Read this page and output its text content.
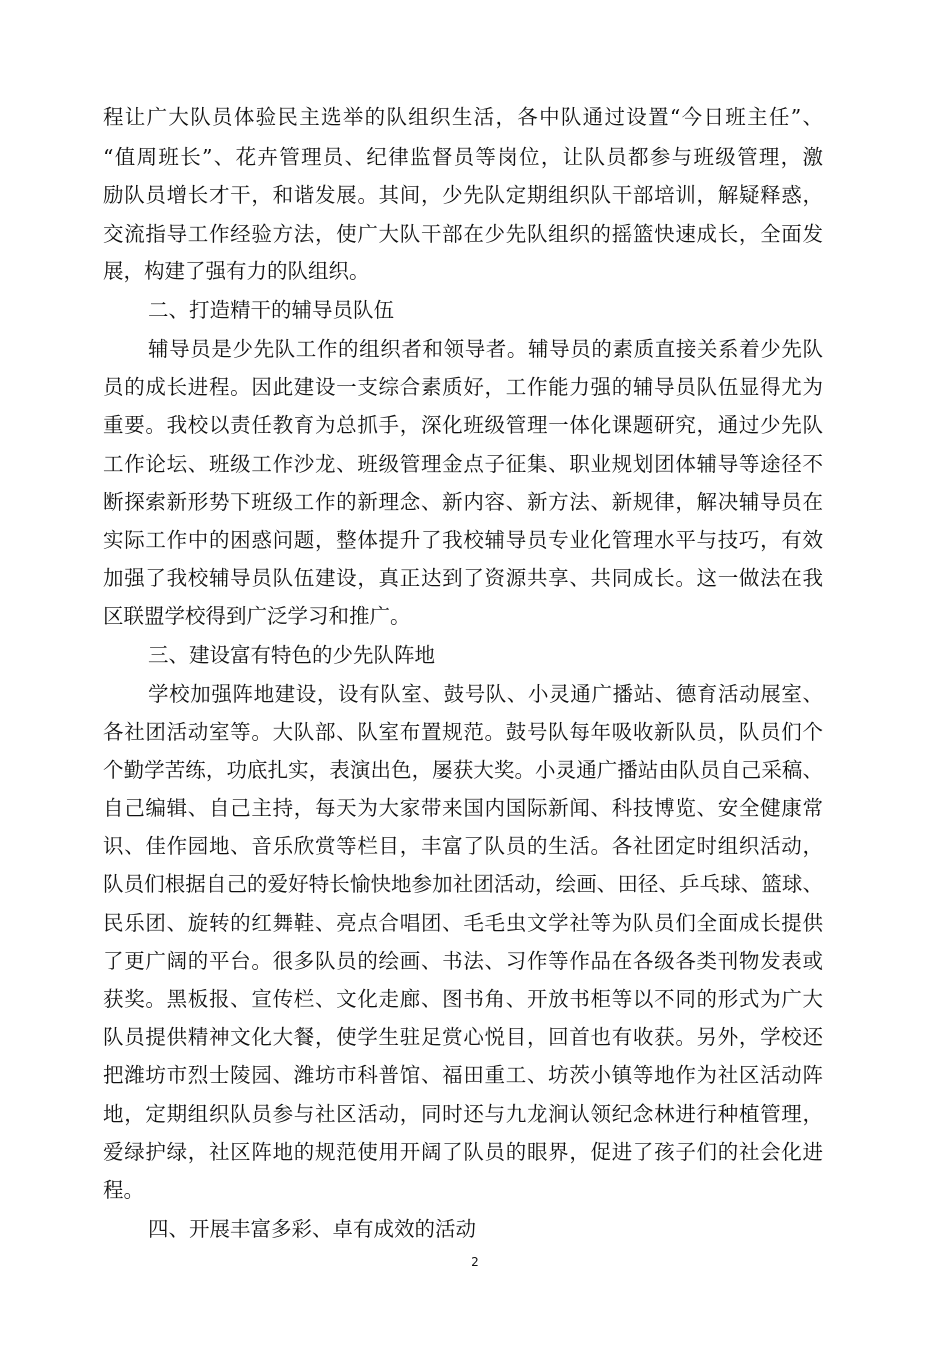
程让广大队员体验民主选举的队组织生活，各中队通过设置“今日班主任”、
“值周班长”、花卉管理员、纪律监督员等岗位，让队员都参与班级管理，激
励队员增长才干，和谐发展。其间，少先队定期组织队干部培训，解疑释惑，
交流指导工作经验方法，使广大队干部在少先队组织的摇篮快速成长，全面发
展，构建了强有力的队组织。
二、打造精干的辅导员队伍
辅导员是少先队工作的组织者和领导者。辅导员的素质直接关系着少先队
员的成长进程。因此建设一支综合素质好，工作能力强的辅导员队伍显得尤为
重要。我校以责任教育为总抓手，深化班级管理一体化课题研究，通过少先队
工作论坛、班级工作沙龙、班级管理金点子征集、职业规划团体辅导等途径不
断探索新形势下班级工作的新理念、新内容、新方法、新规律，解决辅导员在
实际工作中的困惑问题，整体提升了我校辅导员专业化管理水平与技巧，有效
加强了我校辅导员队伍建设，真正达到了资源共享、共同成长。这一做法在我
区联盟学校得到广泛学习和推广。
三、建设富有特色的少先队阵地
学校加强阵地建设，设有队室、鼓号队、小灵通广播站、德育活动展室、
各社团活动室等。大队部、队室布置规范。鼓号队每年吸收新队员，队员们个
个勤学苦练，功底扎实，表演出色，屡获大奖。小灵通广播站由队员自己采稿、
自己编辑、自己主持，每天为大家带来国内国际新闻、科技博览、安全健康常
识、佳作园地、音乐欣赏等栏目，丰富了队员的生活。各社团定时组织活动，
队员们根据自己的爱好特长愉快地参加社团活动，绘画、田径、乒乓球、篮球、
民乐团、旋转的红舞鞋、亮点合唱团、毛毛虫文学社等为队员们全面成长提供
了更广阔的平台。很多队员的绘画、书法、习作等作品在各级各类刊物发表或
获奖。黑板报、宣传栏、文化走廊、图书角、开放书柜等以不同的形式为广大
队员提供精神文化大餐，使学生驻足赏心悦目，回首也有收获。另外，学校还
把潍坊市烈士陵园、潍坊市科普馆、福田重工、坊茨小镇等地作为社区活动阵
地，定期组织队员参与社区活动，同时还与九龙涧认领纪念林进行种植管理，
爱绿护绿，社区阵地的规范使用开阔了队员的眼界，促进了孩子们的社会化进
程。
四、开展丰富多彩、卓有成效的活动
2
